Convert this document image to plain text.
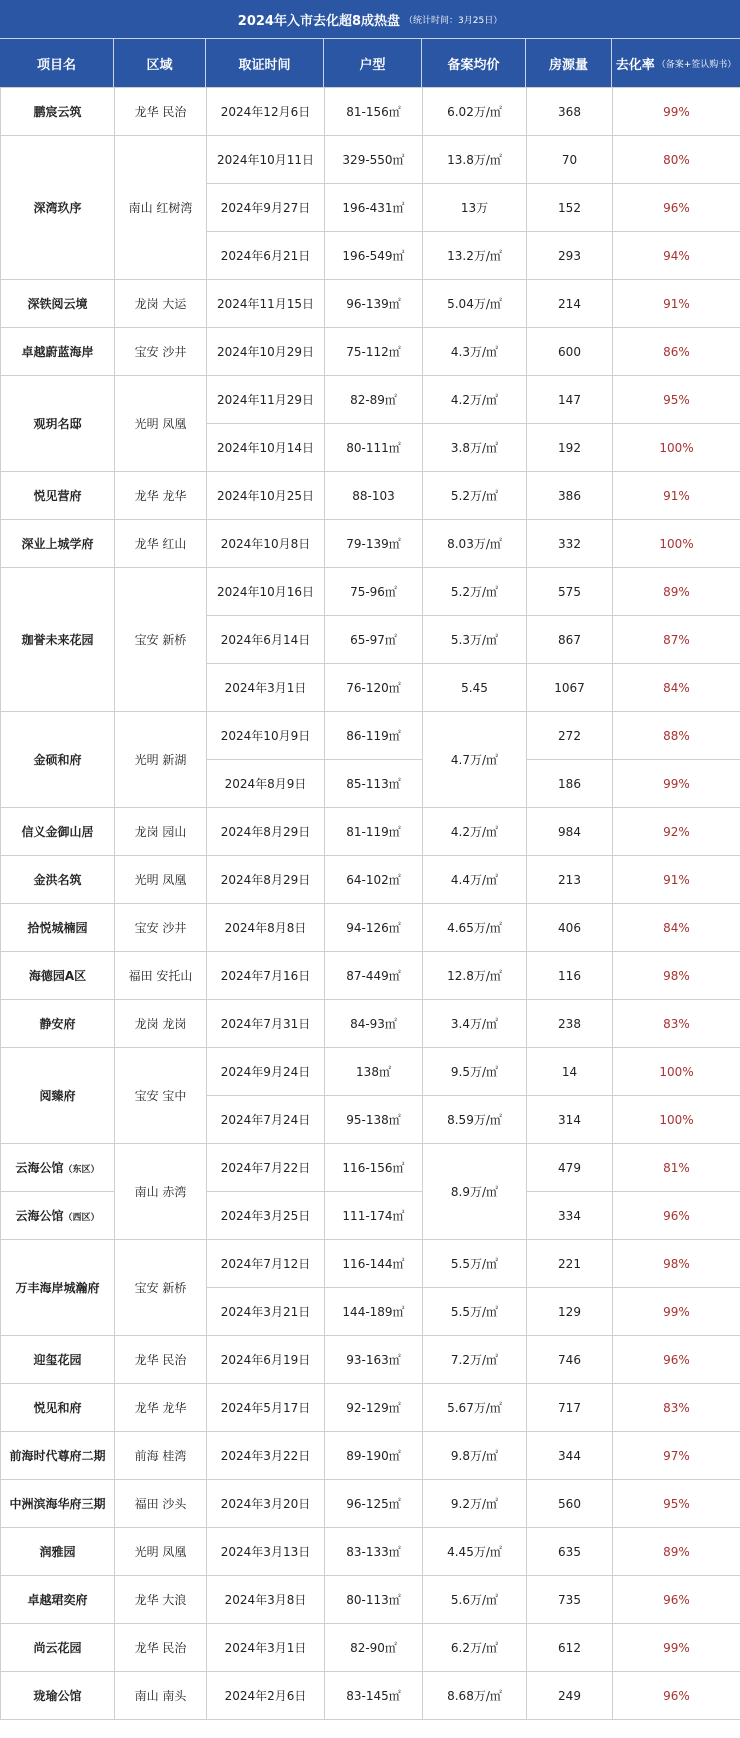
2024年入市去化超8成热盘 （统计时间：3月25日）
项目名	区域	取证时间	户型	备案均价	房源量	去化率 （备案+签认购书）
鹏宸云筑	龙华 民治	2024年12月6日	81-156㎡	6.02万/㎡	368	99%
深湾玖序	南山 红树湾	2024年10月11日	329-550㎡	13.8万/㎡	70	80%
		2024年9月27日	196-431㎡	13万	152	96%
		2024年6月21日	196-549㎡	13.2万/㎡	293	94%
深铁阅云境	龙岗 大运	2024年11月15日	96-139㎡	5.04万/㎡	214	91%
卓越蔚蓝海岸	宝安 沙井	2024年10月29日	75-112㎡	4.3万/㎡	600	86%
观玥名邸	光明 凤凰	2024年11月29日	82-89㎡	4.2万/㎡	147	95%
		2024年10月14日	80-111㎡	3.8万/㎡	192	100%
悦见营府	龙华 龙华	2024年10月25日	88-103	5.2万/㎡	386	91%
深业上城学府	龙华 红山	2024年10月8日	79-139㎡	8.03万/㎡	332	100%
珈誉未来花园	宝安 新桥	2024年10月16日	75-96㎡	5.2万/㎡	575	89%
		2024年6月14日	65-97㎡	5.3万/㎡	867	87%
		2024年3月1日	76-120㎡	5.45	1067	84%
金硕和府	光明 新湖	2024年10月9日	86-119㎡	4.7万/㎡	272	88%
		2024年8月9日	85-113㎡		186	99%
信义金御山居	龙岗 园山	2024年8月29日	81-119㎡	4.2万/㎡	984	92%
金洪名筑	光明 凤凰	2024年8月29日	64-102㎡	4.4万/㎡	213	91%
拾悦城楠园	宝安 沙井	2024年8月8日	94-126㎡	4.65万/㎡	406	84%
海德园A区	福田 安托山	2024年7月16日	87-449㎡	12.8万/㎡	116	98%
静安府	龙岗 龙岗	2024年7月31日	84-93㎡	3.4万/㎡	238	83%
阅臻府	宝安 宝中	2024年9月24日	138㎡	9.5万/㎡	14	100%
		2024年7月24日	95-138㎡	8.59万/㎡	314	100%
云海公馆（东区）	南山 赤湾	2024年7月22日	116-156㎡	8.9万/㎡	479	81%
云海公馆（西区）		2024年3月25日	111-174㎡		334	96%
万丰海岸城瀚府	宝安 新桥	2024年7月12日	116-144㎡	5.5万/㎡	221	98%
		2024年3月21日	144-189㎡	5.5万/㎡	129	99%
迎玺花园	龙华 民治	2024年6月19日	93-163㎡	7.2万/㎡	746	96%
悦见和府	龙华 龙华	2024年5月17日	92-129㎡	5.67万/㎡	717	83%
前海时代尊府二期	前海 桂湾	2024年3月22日	89-190㎡	9.8万/㎡	344	97%
中洲滨海华府三期	福田 沙头	2024年3月20日	96-125㎡	9.2万/㎡	560	95%
润雅园	光明 凤凰	2024年3月13日	83-133㎡	4.45万/㎡	635	89%
卓越珺奕府	龙华 大浪	2024年3月8日	80-113㎡	5.6万/㎡	735	96%
尚云花园	龙华 民治	2024年3月1日	82-90㎡	6.2万/㎡	612	99%
珑瑜公馆	南山 南头	2024年2月6日	83-145㎡	8.68万/㎡	249	96%
